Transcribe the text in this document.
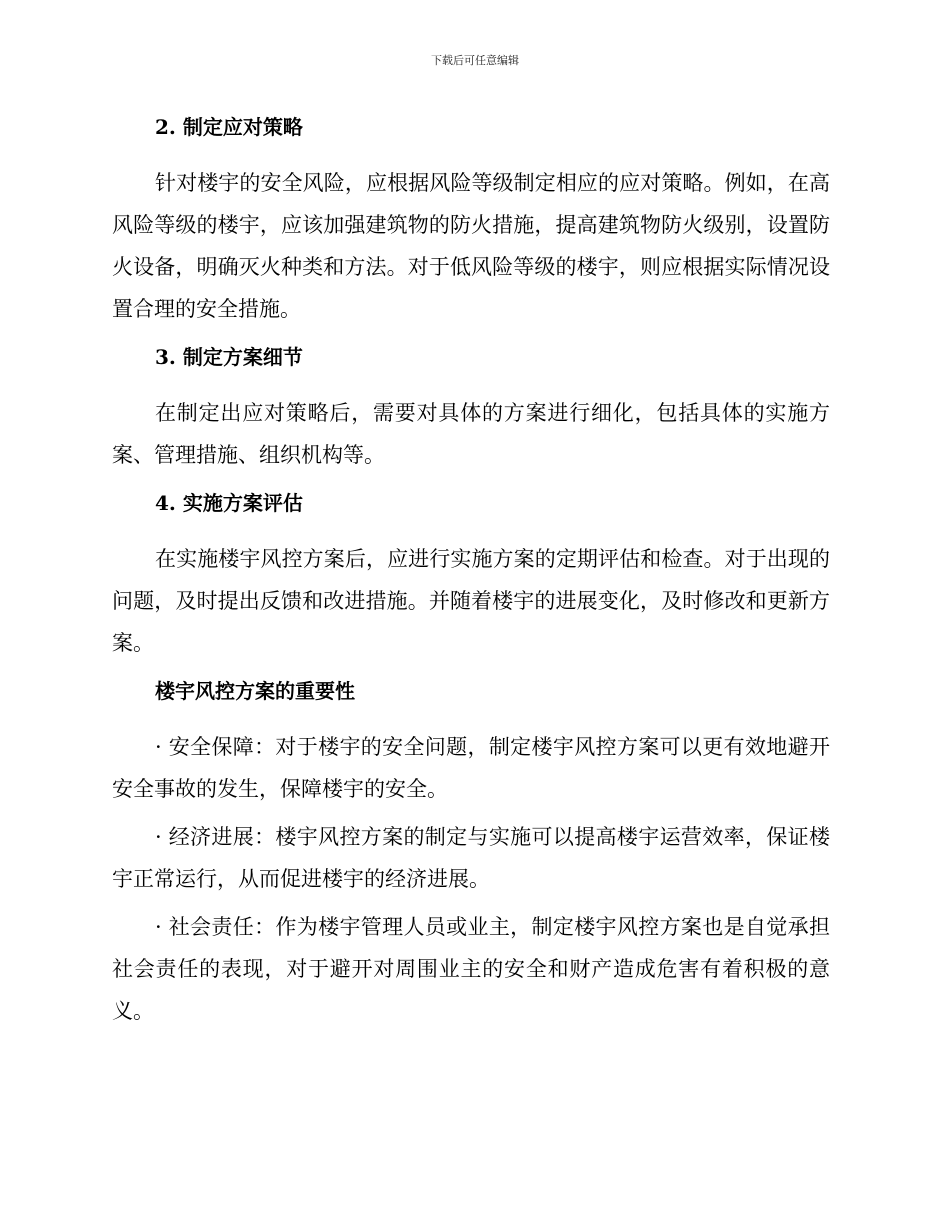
下载后可任意编辑
2. 制定应对策略

针对楼宇的安全风险，应根据风险等级制定相应的应对策略。例如，在高风险等级的楼宇，应该加强建筑物的防火措施，提高建筑物防火级别，设置防火设备，明确灭火种类和方法。对于低风险等级的楼宇，则应根据实际情况设置合理的安全措施。

3. 制定方案细节

在制定出应对策略后，需要对具体的方案进行细化，包括具体的实施方案、管理措施、组织机构等。

4. 实施方案评估

在实施楼宇风控方案后，应进行实施方案的定期评估和检查。对于出现的问题，及时提出反馈和改进措施。并随着楼宇的进展变化，及时修改和更新方案。

楼宇风控方案的重要性

· 安全保障：对于楼宇的安全问题，制定楼宇风控方案可以更有效地避开安全事故的发生，保障楼宇的安全。

· 经济进展：楼宇风控方案的制定与实施可以提高楼宇运营效率，保证楼宇正常运行，从而促进楼宇的经济进展。

· 社会责任：作为楼宇管理人员或业主，制定楼宇风控方案也是自觉承担社会责任的表现，对于避开对周围业主的安全和财产造成危害有着积极的意义。
